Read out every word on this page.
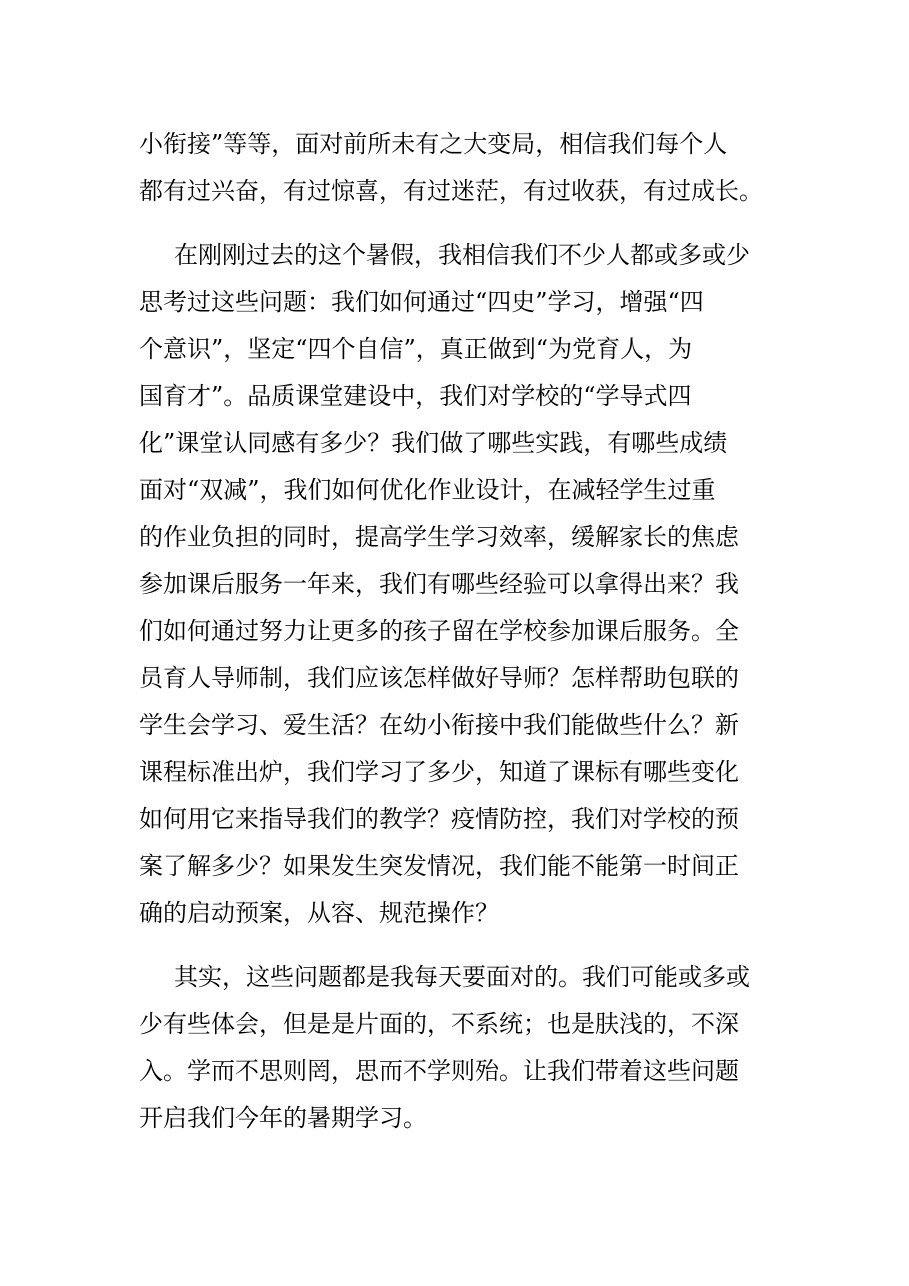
小衔接”等等，面对前所未有之大变局，相信我们每个人
都有过兴奋，有过惊喜，有过迷茫，有过收获，有过成长。
在刚刚过去的这个暑假，我相信我们不少人都或多或少
思考过这些问题：我们如何通过“四史”学习，增强“四
个意识”，坚定“四个自信”，真正做到“为党育人，为
国育才”。品质课堂建设中，我们对学校的“学导式四
化”课堂认同感有多少？我们做了哪些实践，有哪些成绩
面对“双减”，我们如何优化作业设计，在减轻学生过重
的作业负担的同时，提高学生学习效率，缓解家长的焦虑
参加课后服务一年来，我们有哪些经验可以拿得出来？我
们如何通过努力让更多的孩子留在学校参加课后服务。全
员育人导师制，我们应该怎样做好导师？怎样帮助包联的
学生会学习、爱生活？在幼小衔接中我们能做些什么？新
课程标准出炉，我们学习了多少，知道了课标有哪些变化
如何用它来指导我们的教学？疫情防控，我们对学校的预
案了解多少？如果发生突发情况，我们能不能第一时间正
确的启动预案，从容、规范操作？
其实，这些问题都是我每天要面对的。我们可能或多或
少有些体会，但是是片面的，不系统；也是肤浅的，不深
入。学而不思则罔，思而不学则殆。让我们带着这些问题
开启我们今年的暑期学习。
